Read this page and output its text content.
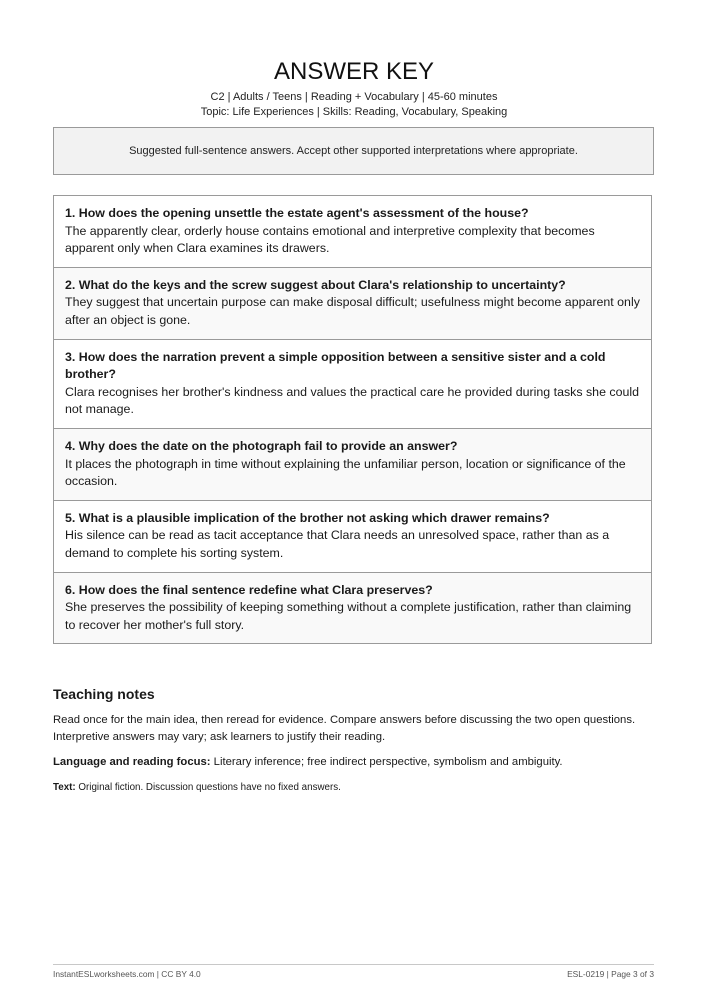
ANSWER KEY
C2 | Adults / Teens | Reading + Vocabulary | 45-60 minutes
Topic: Life Experiences | Skills: Reading, Vocabulary, Speaking
Suggested full-sentence answers. Accept other supported interpretations where appropriate.
1. How does the opening unsettle the estate agent's assessment of the house?
The apparently clear, orderly house contains emotional and interpretive complexity that becomes apparent only when Clara examines its drawers.
2. What do the keys and the screw suggest about Clara's relationship to uncertainty?
They suggest that uncertain purpose can make disposal difficult; usefulness might become apparent only after an object is gone.
3. How does the narration prevent a simple opposition between a sensitive sister and a cold brother?
Clara recognises her brother's kindness and values the practical care he provided during tasks she could not manage.
4. Why does the date on the photograph fail to provide an answer?
It places the photograph in time without explaining the unfamiliar person, location or significance of the occasion.
5. What is a plausible implication of the brother not asking which drawer remains?
His silence can be read as tacit acceptance that Clara needs an unresolved space, rather than as a demand to complete his sorting system.
6. How does the final sentence redefine what Clara preserves?
She preserves the possibility of keeping something without a complete justification, rather than claiming to recover her mother's full story.
Teaching notes
Read once for the main idea, then reread for evidence. Compare answers before discussing the two open questions. Interpretive answers may vary; ask learners to justify their reading.
Language and reading focus: Literary inference; free indirect perspective, symbolism and ambiguity.
Text: Original fiction. Discussion questions have no fixed answers.
InstantESLworksheets.com | CC BY 4.0	ESL-0219 | Page 3 of 3
